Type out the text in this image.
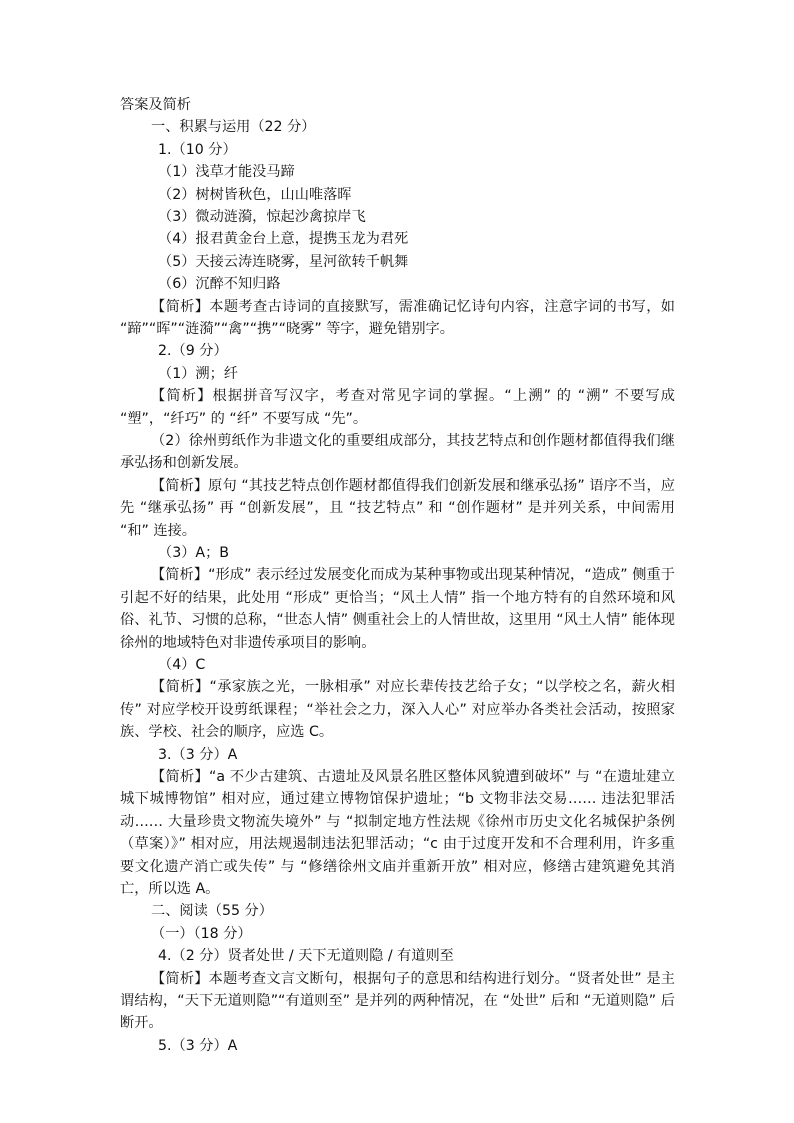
答案及简析
一、积累与运用（22 分）
1.（10 分）
（1）浅草才能没马蹄
（2）树树皆秋色，山山唯落晖
（3）微动涟漪，惊起沙禽掠岸飞
（4）报君黄金台上意，提携玉龙为君死
（5）天接云涛连晓雾，星河欲转千帆舞
（6）沉醉不知归路
【简析】本题考查古诗词的直接默写，需准确记忆诗句内容，注意字词的书写，如 “蹄”“晖”“涟漪”“禽”“携”“晓雾” 等字，避免错别字。
2.（9 分）
（1）溯；纤
【简析】根据拼音写汉字，考查对常见字词的掌握。“上溯” 的 “溯” 不要写成 “塑”，“纤巧” 的 “纤” 不要写成 “先”。
（2）徐州剪纸作为非遗文化的重要组成部分，其技艺特点和创作题材都值得我们继承弘扬和创新发展。
【简析】原句 “其技艺特点创作题材都值得我们创新发展和继承弘扬” 语序不当，应先 “继承弘扬” 再 “创新发展”，且 “技艺特点” 和 “创作题材” 是并列关系，中间需用 “和” 连接。
（3）A；B
【简析】“形成” 表示经过发展变化而成为某种事物或出现某种情况，“造成” 侧重于引起不好的结果，此处用 “形成” 更恰当；“风土人情” 指一个地方特有的自然环境和风俗、礼节、习惯的总称，“世态人情” 侧重社会上的人情世故，这里用 “风土人情” 能体现徐州的地域特色对非遗传承项目的影响。
（4）C
【简析】“承家族之光，一脉相承” 对应长辈传技艺给子女；“以学校之名，薪火相传” 对应学校开设剪纸课程；“举社会之力，深入人心” 对应举办各类社会活动，按照家族、学校、社会的顺序，应选 C。
3.（3 分）A
【简析】“a 不少古建筑、古遗址及风景名胜区整体风貌遭到破坏” 与 “在遗址建立城下城博物馆” 相对应，通过建立博物馆保护遗址；“b 文物非法交易…… 违法犯罪活动…… 大量珍贵文物流失境外” 与 “拟制定地方性法规《徐州市历史文化名城保护条例（草案）》” 相对应，用法规遏制违法犯罪活动；“c 由于过度开发和不合理利用，许多重要文化遗产消亡或失传” 与 “修缮徐州文庙并重新开放” 相对应，修缮古建筑避免其消亡，所以选 A。
二、阅读（55 分）
（一）（18 分）
4.（2 分）贤者处世 / 天下无道则隐 / 有道则至
【简析】本题考查文言文断句，根据句子的意思和结构进行划分。“贤者处世” 是主谓结构，“天下无道则隐”“有道则至” 是并列的两种情况，在 “处世” 后和 “无道则隐” 后断开。
5.（3 分）A
